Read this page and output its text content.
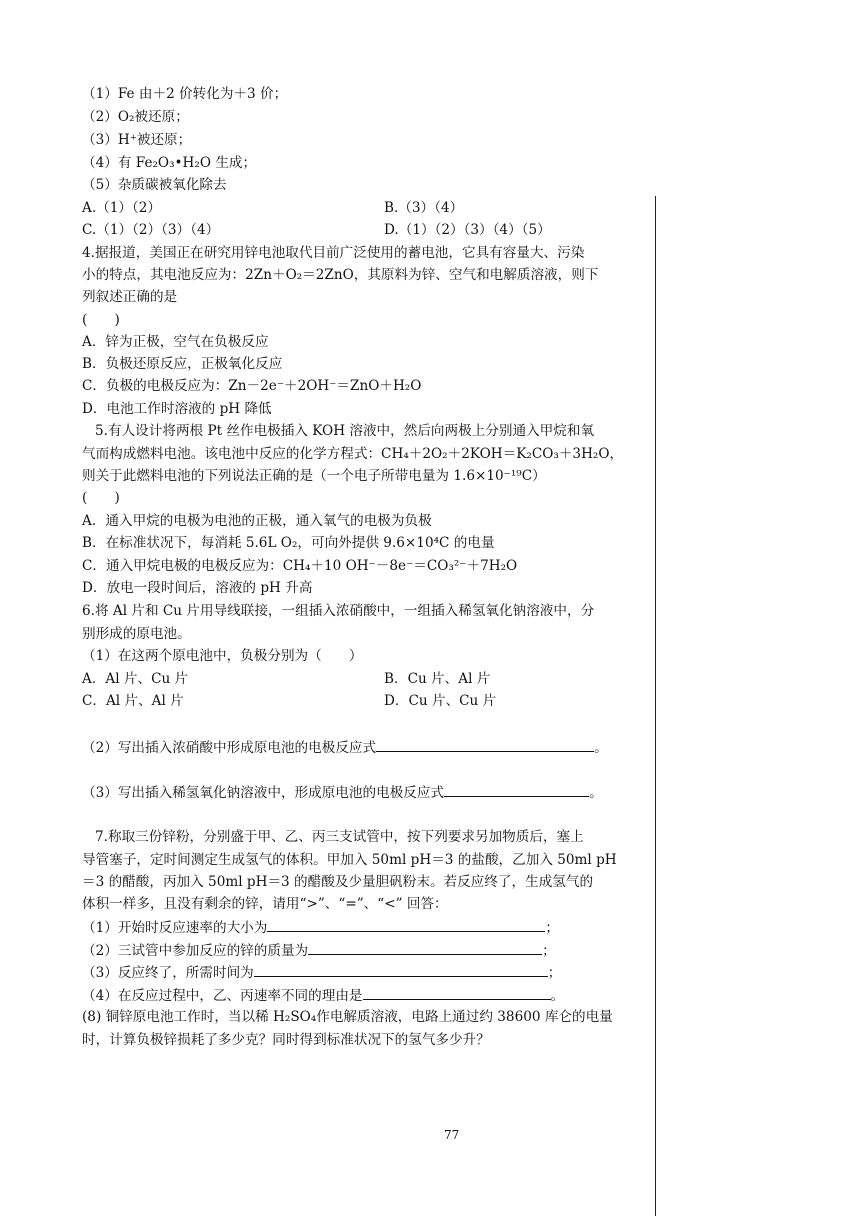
（1）Fe 由＋2 价转化为＋3 价；
（2）O₂被还原；
（3）H⁺被还原；
（4）有 Fe₂O₃•H₂O 生成；
（5）杂质碳被氧化除去
A.（1）（2）	B.（3）（4）
C.（1）（2）（3）（4）	D.（1）（2）（3）（4）（5）
4.据报道，美国正在研究用锌电池取代目前广泛使用的蓄电池，它具有容量大、污染
小的特点，其电池反应为：2Zn＋O₂＝2ZnO，其原料为锌、空气和电解质溶液，则下
列叙述正确的是
(　　)
A．锌为正极，空气在负极反应
B．负极还原反应，正极氧化反应
C．负极的电极反应为：Zn－2e⁻＋2OH⁻＝ZnO＋H₂O
D．电池工作时溶液的 pH 降低
5.有人设计将两根 Pt 丝作电极插入 KOH 溶液中，然后向两极上分别通入甲烷和氧
气而构成燃料电池。该电池中反应的化学方程式：CH₄＋2O₂＋2KOH＝K₂CO₃＋3H₂O，
则关于此燃料电池的下列说法正确的是（一个电子所带电量为 1.6×10⁻¹⁹C）
(　　)
A．通入甲烷的电极为电池的正极，通入氧气的电极为负极
B．在标准状况下，每消耗 5.6L O₂，可向外提供 9.6×10⁴C 的电量
C．通入甲烷电极的电极反应为：CH₄＋10 OH⁻－8e⁻＝CO₃²⁻＋7H₂O
D．放电一段时间后，溶液的 pH 升高
6.将 Al 片和 Cu 片用导线联接，一组插入浓硝酸中，一组插入稀氢氧化钠溶液中，分
别形成的原电池。
（1）在这两个原电池中，负极分别为（　　）
A．Al 片、Cu 片	B．Cu 片、Al 片
C．Al 片、Al 片	D．Cu 片、Cu 片
（2）写出插入浓硝酸中形成原电池的电极反应式	。
（3）写出插入稀氢氧化钠溶液中，形成原电池的电极反应式	。
7.称取三份锌粉，分别盛于甲、乙、丙三支试管中，按下列要求另加物质后，塞上
导管塞子，定时间测定生成氢气的体积。甲加入 50ml pH＝3 的盐酸，乙加入 50ml pH
＝3 的醋酸，丙加入 50ml pH＝3 的醋酸及少量胆矾粉末。若反应终了，生成氢气的
体积一样多，且没有剩余的锌，请用“>”、“=”、“<” 回答：
（1）开始时反应速率的大小为	；
（2）三试管中参加反应的锌的质量为	；
（3）反应终了，所需时间为	；
（4）在反应过程中，乙、丙速率不同的理由是	。
(8) 铜锌原电池工作时，当以稀 H₂SO₄作电解质溶液，电路上通过约 38600 库仑的电量
时，计算负极锌损耗了多少克？同时得到标准状况下的氢气多少升？
77
